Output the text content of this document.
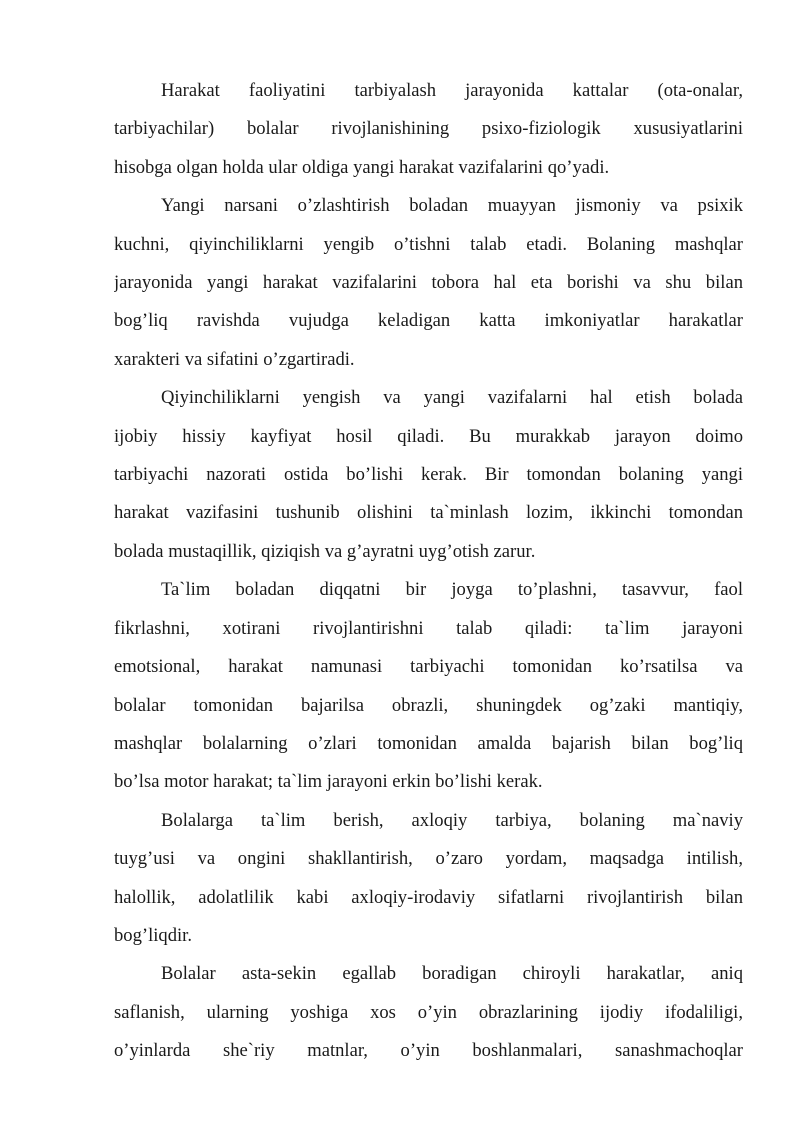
Harakat faoliyatini tarbiyalash jarayonida kattalar (ota-onalar,
tarbiyachilar) bolalar rivojlanishining psixo-fiziologik xususiyatlarini
hisobga olgan holda ular oldiga yangi harakat vazifalarini qo’yadi.
Yangi narsani o’zlashtirish boladan muayyan jismoniy va psixik
kuchni, qiyinchiliklarni yengib o’tishni talab etadi. Bolaning mashqlar
jarayonida yangi harakat vazifalarini tobora hal eta borishi va shu bilan
bog’liq ravishda vujudga keladigan katta imkoniyatlar harakatlar
xarakteri va sifatini o’zgartiradi.
Qiyinchiliklarni yengish va yangi vazifalarni hal etish bolada
ijobiy hissiy kayfiyat hosil qiladi. Bu murakkab jarayon doimo
tarbiyachi nazorati ostida bo’lishi kerak. Bir tomondan bolaning yangi
harakat vazifasini tushunib olishini ta`minlash lozim, ikkinchi tomondan
bolada mustaqillik, qiziqish va g’ayratni uyg’otish zarur.
Ta`lim boladan diqqatni bir joyga to’plashni, tasavvur, faol
fikrlashni, xotirani rivojlantirishni talab qiladi: ta`lim jarayoni
emotsional, harakat namunasi tarbiyachi tomonidan ko’rsatilsa va
bolalar tomonidan bajarilsa obrazli, shuningdek og’zaki mantiqiy,
mashqlar bolalarning o’zlari tomonidan amalda bajarish bilan bog’liq
bo’lsa motor harakat; ta`lim jarayoni erkin bo’lishi kerak.
Bolalarga ta`lim berish, axloqiy tarbiya, bolaning ma`naviy
tuyg’usi va ongini shakllantirish, o’zaro yordam, maqsadga intilish,
halollik, adolatlilik kabi axloqiy-irodaviy sifatlarni rivojlantirish bilan
bog’liqdir.
Bolalar asta-sekin egallab boradigan chiroyli harakatlar, aniq
saflanish, ularning yoshiga xos o’yin obrazlarining ijodiy ifodaliligi,
o’yinlarda she`riy matnlar, o’yin boshlanmalari, sanashmachoqlar
